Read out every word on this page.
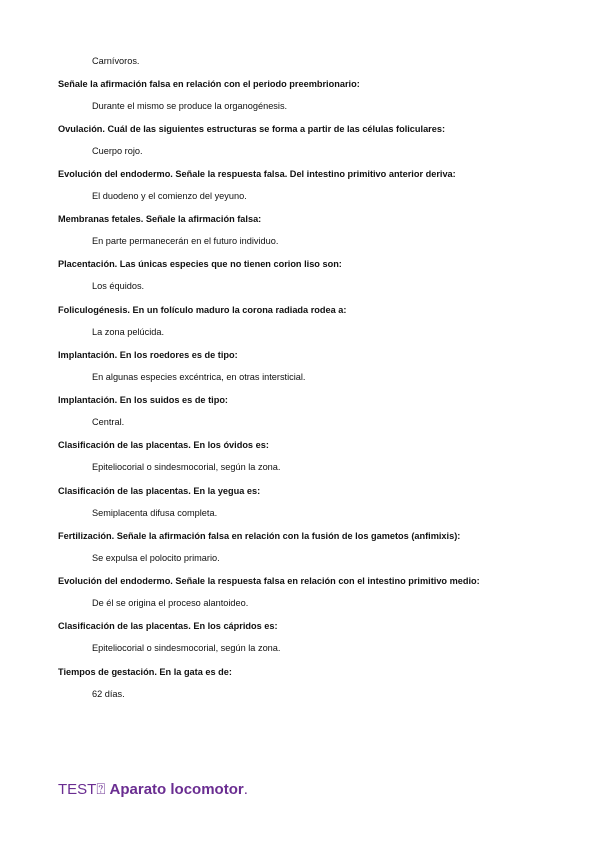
Carnívoros.
Señale la afirmación falsa en relación con el periodo preembrionario:
Durante el mismo se produce la organogénesis.
Ovulación. Cuál de las siguientes estructuras se forma a partir de las células foliculares:
Cuerpo rojo.
Evolución del endodermo. Señale la respuesta falsa. Del intestino primitivo anterior deriva:
El duodeno y el comienzo del yeyuno.
Membranas fetales. Señale la afirmación falsa:
En parte permanecerán en el futuro individuo.
Placentación. Las únicas especies que no tienen corion liso son:
Los équidos.
Foliculogénesis. En un folículo maduro la corona radiada rodea a:
La zona pelúcida.
Implantación. En los roedores es de tipo:
En algunas especies excéntrica, en otras intersticial.
Implantación. En los suidos es de tipo:
Central.
Clasificación de las placentas. En los óvidos es:
Epiteliocorial o sindesmocorial, según la zona.
Clasificación de las placentas. En la yegua es:
Semiplacenta difusa completa.
Fertilización. Señale la afirmación falsa en relación con la fusión de los gametos (anfimixis):
Se expulsa el polocito primario.
Evolución del endodermo. Señale la respuesta falsa en relación con el intestino primitivo medio:
De él se origina el proceso alantoideo.
Clasificación de las placentas. En los cápridos es:
Epiteliocorial o sindesmocorial, según la zona.
Tiempos de gestación. En la gata es de:
62 días.
TEST⍰ Aparato locomotor.
